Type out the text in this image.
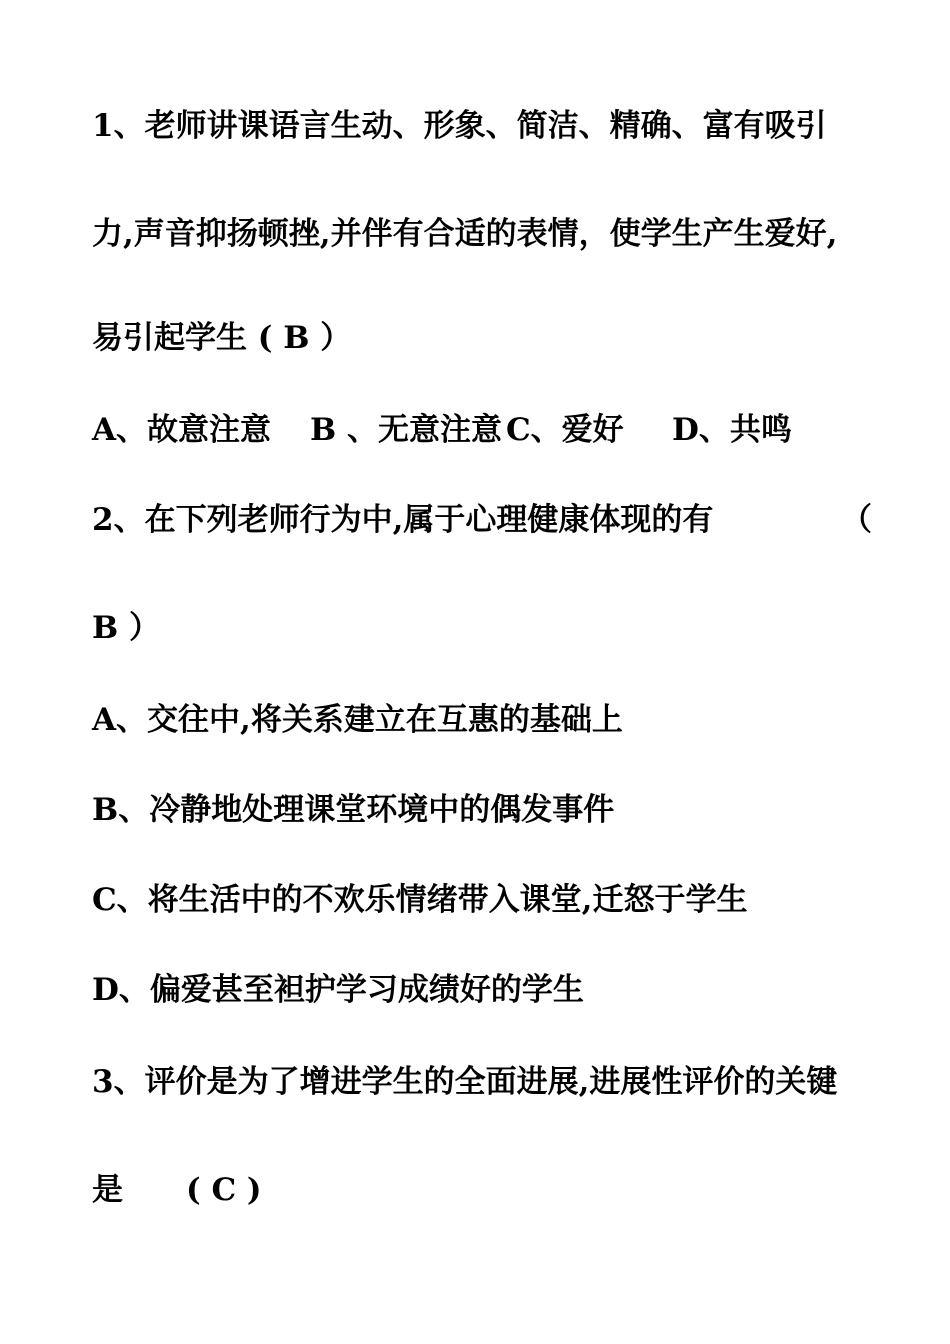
1、老师讲课语言生动、形象、简洁、精确、富有吸引
力,声音抑扬顿挫,并伴有合适的表情，使学生产生爱好,
易引起学生 ( B ）
A、故意注意 B 、无意注意 C、爱好 D、共鸣
2、在下列老师行为中,属于心理健康体现的有	（
B ）
A、交往中,将关系建立在互惠的基础上
B、冷静地处理课堂环境中的偶发事件
C、将生活中的不欢乐情绪带入课堂,迁怒于学生
D、偏爱甚至袒护学习成绩好的学生
3、评价是为了增进学生的全面进展,进展性评价的关键
是 ( C )
